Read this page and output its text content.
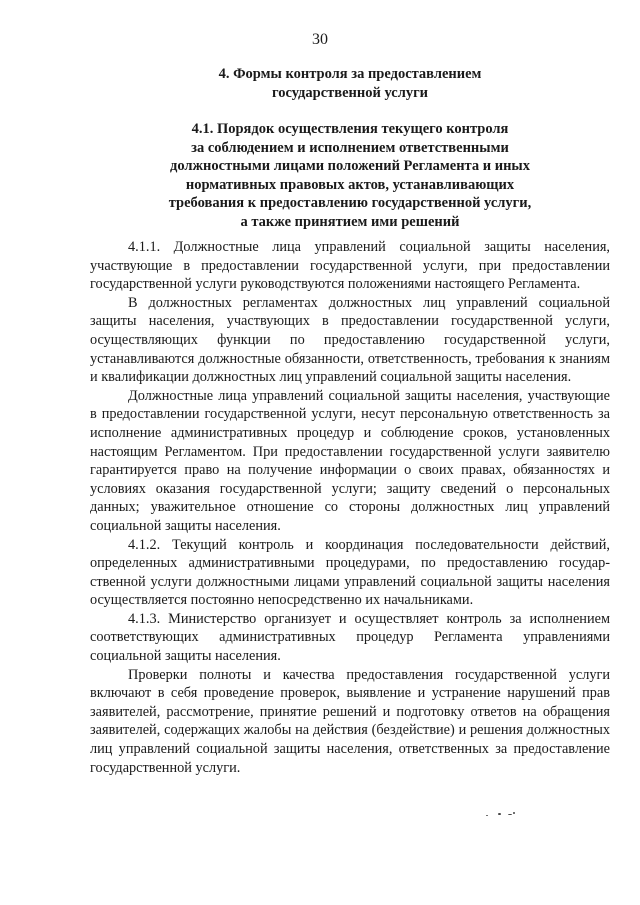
30
4. Формы контроля за предоставлением
государственной услуги
4.1. Порядок осуществления текущего контроля
за соблюдением и исполнением ответственными
должностными лицами положений Регламента и иных
нормативных правовых актов, устанавливающих
требования к предоставлению государственной услуги,
а также принятием ими решений

4.1.1. Должностные лица управлений социальной защиты населения, участвующие в предоставлении государственной услуги, при предоставлении государственной услуги руководствуются положениями настоящего Регламента.

В должностных регламентах должностных лиц управлений социальной защиты населения, участвующих в предоставлении государственной услуги, осуществляющих функции по предоставлению государственной услуги, устанавливаются должностные обязанности, ответственность, требования к знаниям и квалификации должностных лиц управлений социальной защиты населения.

Должностные лица управлений социальной защиты населения, участвующие в предоставлении государственной услуги, несут персональную ответственность за исполнение административных процедур и соблюдение сроков, установленных настоящим Регламентом. При предоставлении государственной услуги заявителю гарантируется право на получение информации о своих правах, обязанностях и условиях оказания государственной услуги; защиту сведений о персональных данных; уважительное отношение со стороны должностных лиц управлений социальной защиты населения.

4.1.2. Текущий контроль и координация последовательности действий, определенных административными процедурами, по предоставлению государственной услуги должностными лицами управлений социальной защиты населения осуществляется постоянно непосредственно их начальниками.

4.1.3. Министерство организует и осуществляет контроль за исполнением соответствующих административных процедур Регламента управлениями социальной защиты населения.

Проверки полноты и качества предоставления государственной услуги включают в себя проведение проверок, выявление и устранение нарушений прав заявителей, рассмотрение, принятие решений и подготовку ответов на обращения заявителей, содержащих жалобы на действия (бездействие) и решения должностных лиц управлений социальной защиты населения, ответственных за предоставление государственной услуги.
